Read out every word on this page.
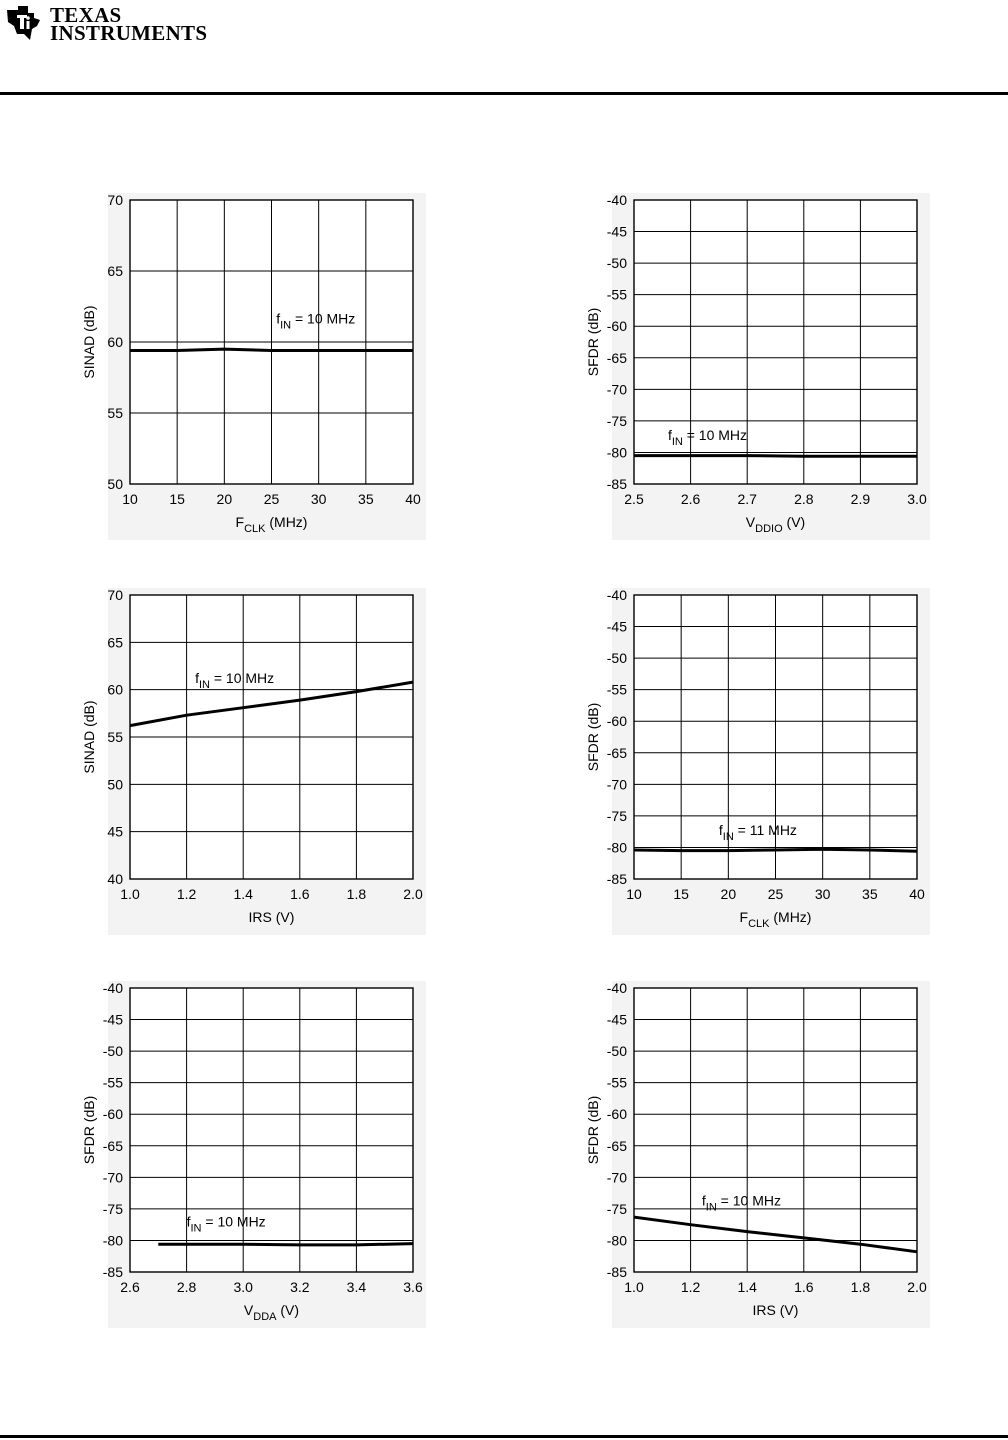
TEXAS
INSTRUMENTS
10 15 20 25 30 35 40
70
65
60
55
50
$f_{IN} = 10$ MHz
$F_{CLK}$ (MHz)
SINAD (dB)
2.5	2.6	2.7	2.8	2.9	3.0
-40
-45
-50
-55
-60
-65
-70
-75
-80
-85
$f_{IN} = 10$ MHz
$V_{DDIO}$ (V)
SFDR (dB)
1.0	1.2	1.4	1.6	1.8	2.0
70
65
60
55
50
45
40
$f_{IN} = 10$ MHz
IRS (V)
SINAD (dB)
10 15 20 25 30 35 40
-40
-45
-50
-55
-60
-65
-70
-75
-80
-85
$f_{IN} = 11$ MHz
$F_{CLK}$ (MHz)
SFDR (dB)
2.6	2.8	3.0	3.2	3.4	3.6
-40
-45
-50
-55
-60
-65
-70
-75
-80
-85
$f_{IN} = 10$ MHz
$V_{DDA}$ (V)
SFDR (dB)
1.0	1.2	1.4	1.6	1.8	2.0
-40
-45
-50
-55
-60
-65
-70
-75
-80
-85
$f_{IN} = 10$ MHz
IRS (V)
SFDR (dB)
